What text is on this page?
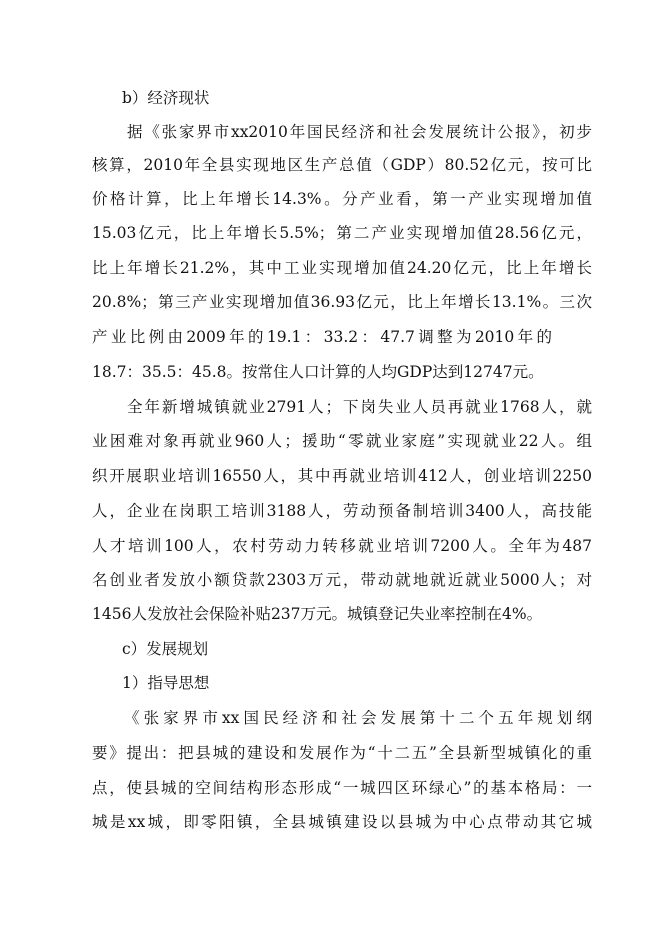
b）经济现状

据《张家界市xx2010年国民经济和社会发展统计公报》，初步

核算，2010年全县实现地区生产总值（GDP）80.52亿元，按可比

价格计算，比上年增长14.3%。分产业看，第一产业实现增加值

15.03亿元，比上年增长5.5%；第二产业实现增加值28.56亿元，

比上年增长21.2%，其中工业实现增加值24.20亿元，比上年增长

20.8%；第三产业实现增加值36.93亿元，比上年增长13.1%。三次

产业比例由2009年的19.1：33.2：47.7调整为2010年的

18.7：35.5：45.8。按常住人口计算的人均GDP达到12747元。

全年新增城镇就业2791人；下岗失业人员再就业1768人，就

业困难对象再就业960人；援助“零就业家庭”实现就业22人。组

织开展职业培训16550人，其中再就业培训412人，创业培训2250

人，企业在岗职工培训3188人，劳动预备制培训3400人，高技能

人才培训100人，农村劳动力转移就业培训7200人。全年为487

名创业者发放小额贷款2303万元，带动就地就近就业5000人；对

1456人发放社会保险补贴237万元。城镇登记失业率控制在4%。

c）发展规划

1）指导思想

《张家界市xx国民经济和社会发展第十二个五年规划纲

要》提出：把县城的建设和发展作为“十二五”全县新型城镇化的重

点，使县城的空间结构形态形成“一城四区环绿心”的基本格局：一

城是xx城，即零阳镇，全县城镇建设以县城为中心点带动其它城
